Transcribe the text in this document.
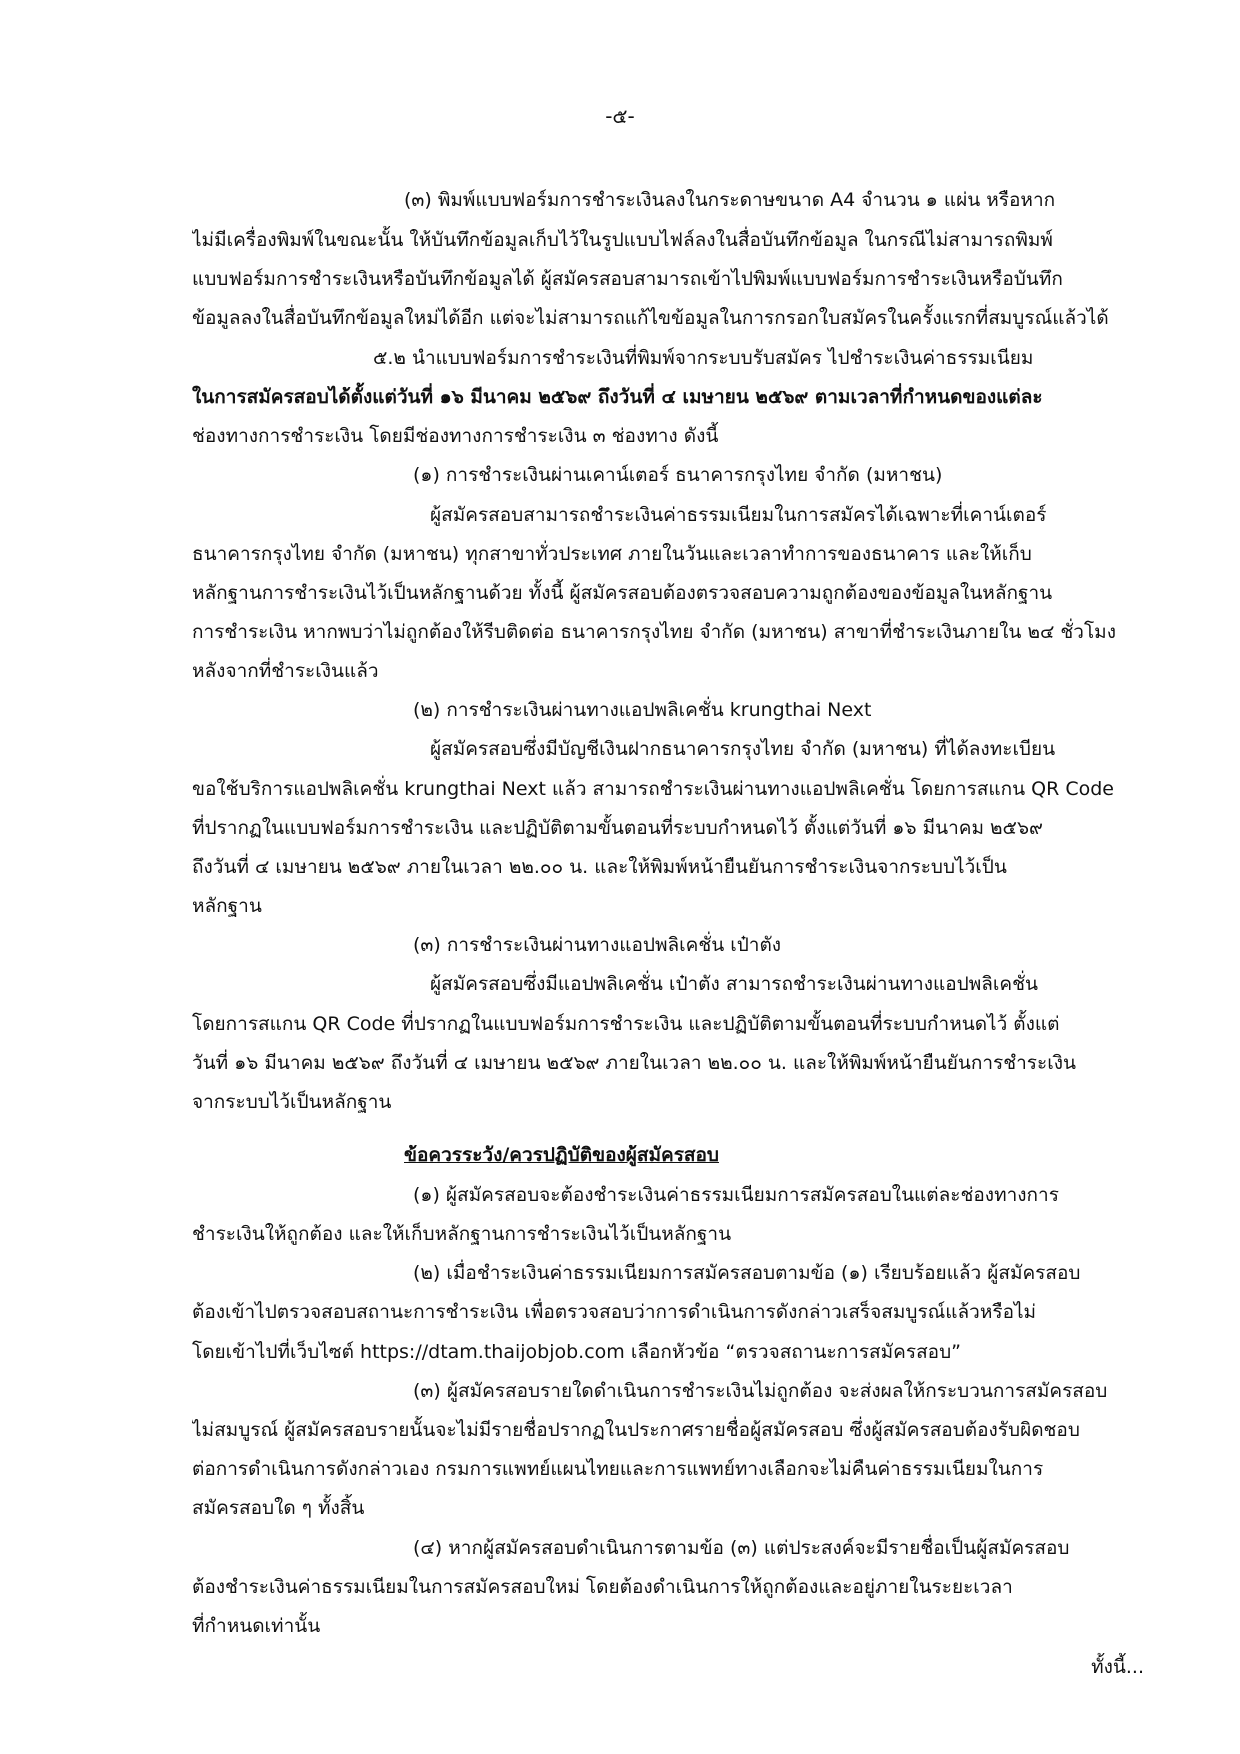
-๕-
(๓) พิมพ์แบบฟอร์มการชำระเงินลงในกระดาษขนาด A4 จำนวน ๑ แผ่น หรือหาก
ไม่มีเครื่องพิมพ์ในขณะนั้น ให้บันทึกข้อมูลเก็บไว้ในรูปแบบไฟล์ลงในสื่อบันทึกข้อมูล ในกรณีไม่สามารถพิมพ์
แบบฟอร์มการชำระเงินหรือบันทึกข้อมูลได้ ผู้สมัครสอบสามารถเข้าไปพิมพ์แบบฟอร์มการชำระเงินหรือบันทึก
ข้อมูลลงในสื่อบันทึกข้อมูลใหม่ได้อีก แต่จะไม่สามารถแก้ไขข้อมูลในการกรอกใบสมัครในครั้งแรกที่สมบูรณ์แล้วได้
๕.๒ นำแบบฟอร์มการชำระเงินที่พิมพ์จากระบบรับสมัคร ไปชำระเงินค่าธรรมเนียม
ในการสมัครสอบได้ตั้งแต่วันที่ ๑๖ มีนาคม ๒๕๖๙ ถึงวันที่ ๔ เมษายน ๒๕๖๙ ตามเวลาที่กำหนดของแต่ละ
ช่องทางการชำระเงิน โดยมีช่องทางการชำระเงิน ๓ ช่องทาง ดังนี้
(๑) การชำระเงินผ่านเคาน์เตอร์ ธนาคารกรุงไทย จำกัด (มหาชน)
ผู้สมัครสอบสามารถชำระเงินค่าธรรมเนียมในการสมัครได้เฉพาะที่เคาน์เตอร์
ธนาคารกรุงไทย จำกัด (มหาชน) ทุกสาขาทั่วประเทศ ภายในวันและเวลาทำการของธนาคาร และให้เก็บ
หลักฐานการชำระเงินไว้เป็นหลักฐานด้วย ทั้งนี้ ผู้สมัครสอบต้องตรวจสอบความถูกต้องของข้อมูลในหลักฐาน
การชำระเงิน หากพบว่าไม่ถูกต้องให้รีบติดต่อ ธนาคารกรุงไทย จำกัด (มหาชน) สาขาที่ชำระเงินภายใน ๒๔ ชั่วโมง
หลังจากที่ชำระเงินแล้ว
(๒) การชำระเงินผ่านทางแอปพลิเคชั่น krungthai Next
ผู้สมัครสอบซึ่งมีบัญชีเงินฝากธนาคารกรุงไทย จำกัด (มหาชน) ที่ได้ลงทะเบียน
ขอใช้บริการแอปพลิเคชั่น krungthai Next แล้ว สามารถชำระเงินผ่านทางแอปพลิเคชั่น โดยการสแกน QR Code
ที่ปรากฏในแบบฟอร์มการชำระเงิน และปฏิบัติตามขั้นตอนที่ระบบกำหนดไว้ ตั้งแต่วันที่ ๑๖ มีนาคม ๒๕๖๙
ถึงวันที่ ๔ เมษายน ๒๕๖๙ ภายในเวลา ๒๒.๐๐ น. และให้พิมพ์หน้ายืนยันการชำระเงินจากระบบไว้เป็น
หลักฐาน
(๓) การชำระเงินผ่านทางแอปพลิเคชั่น เป๋าตัง
ผู้สมัครสอบซึ่งมีแอปพลิเคชั่น เป๋าตัง สามารถชำระเงินผ่านทางแอปพลิเคชั่น
โดยการสแกน QR Code ที่ปรากฏในแบบฟอร์มการชำระเงิน และปฏิบัติตามขั้นตอนที่ระบบกำหนดไว้ ตั้งแต่
วันที่ ๑๖ มีนาคม ๒๕๖๙ ถึงวันที่ ๔ เมษายน ๒๕๖๙ ภายในเวลา ๒๒.๐๐ น. และให้พิมพ์หน้ายืนยันการชำระเงิน
จากระบบไว้เป็นหลักฐาน
ข้อควรระวัง/ควรปฏิบัติของผู้สมัครสอบ
(๑) ผู้สมัครสอบจะต้องชำระเงินค่าธรรมเนียมการสมัครสอบในแต่ละช่องทางการ
ชำระเงินให้ถูกต้อง และให้เก็บหลักฐานการชำระเงินไว้เป็นหลักฐาน
(๒) เมื่อชำระเงินค่าธรรมเนียมการสมัครสอบตามข้อ (๑) เรียบร้อยแล้ว ผู้สมัครสอบ
ต้องเข้าไปตรวจสอบสถานะการชำระเงิน เพื่อตรวจสอบว่าการดำเนินการดังกล่าวเสร็จสมบูรณ์แล้วหรือไม่
โดยเข้าไปที่เว็บไซต์ https://dtam.thaijobjob.com เลือกหัวข้อ “ตรวจสถานะการสมัครสอบ”
(๓) ผู้สมัครสอบรายใดดำเนินการชำระเงินไม่ถูกต้อง จะส่งผลให้กระบวนการสมัครสอบ
ไม่สมบูรณ์ ผู้สมัครสอบรายนั้นจะไม่มีรายชื่อปรากฏในประกาศรายชื่อผู้สมัครสอบ ซึ่งผู้สมัครสอบต้องรับผิดชอบ
ต่อการดำเนินการดังกล่าวเอง กรมการแพทย์แผนไทยและการแพทย์ทางเลือกจะไม่คืนค่าธรรมเนียมในการ
สมัครสอบใด ๆ ทั้งสิ้น
(๔) หากผู้สมัครสอบดำเนินการตามข้อ (๓) แต่ประสงค์จะมีรายชื่อเป็นผู้สมัครสอบ
ต้องชำระเงินค่าธรรมเนียมในการสมัครสอบใหม่ โดยต้องดำเนินการให้ถูกต้องและอยู่ภายในระยะเวลา
ที่กำหนดเท่านั้น
ทั้งนี้...
